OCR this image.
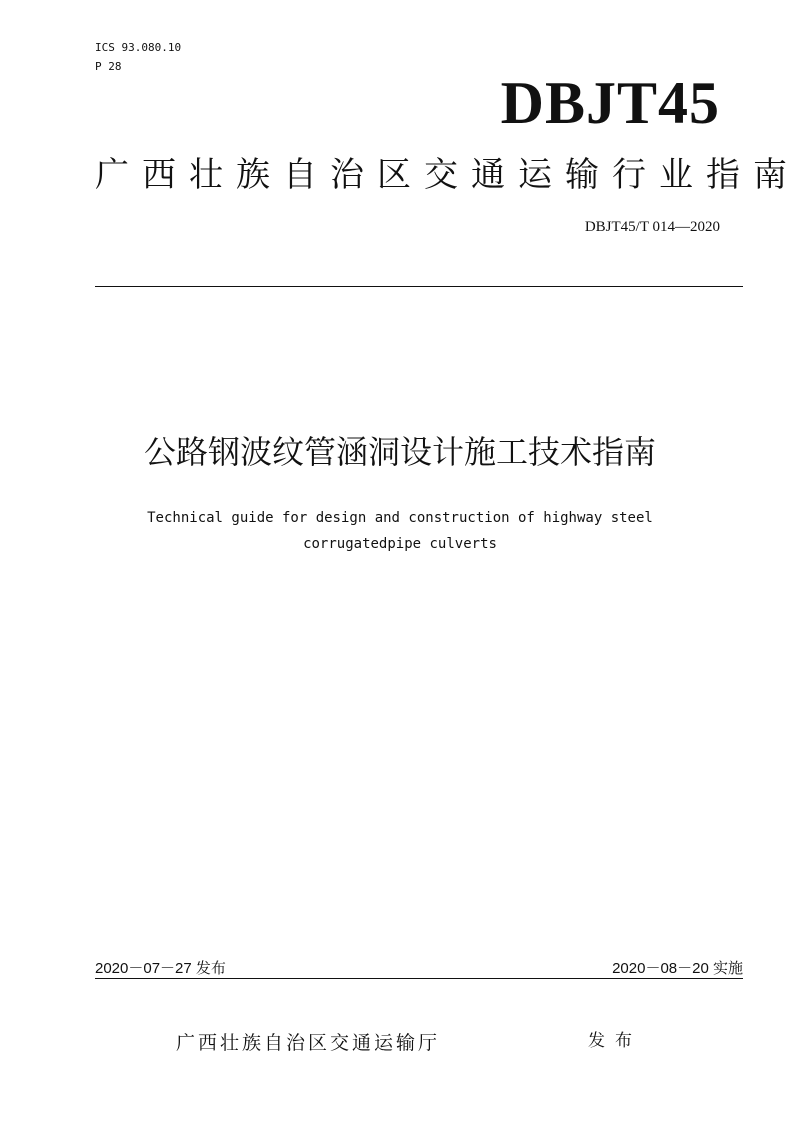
ICS 93.080.10
P 28
DBJT45
广西壮族自治区交通运输行业指南
DBJT45/T 014—2020
公路钢波纹管涵洞设计施工技术指南
Technical guide for design and construction of highway steel
corrugatedpipe culverts
2020－07－27 发布	2020－08－20 实施
广西壮族自治区交通运输厅	发布
